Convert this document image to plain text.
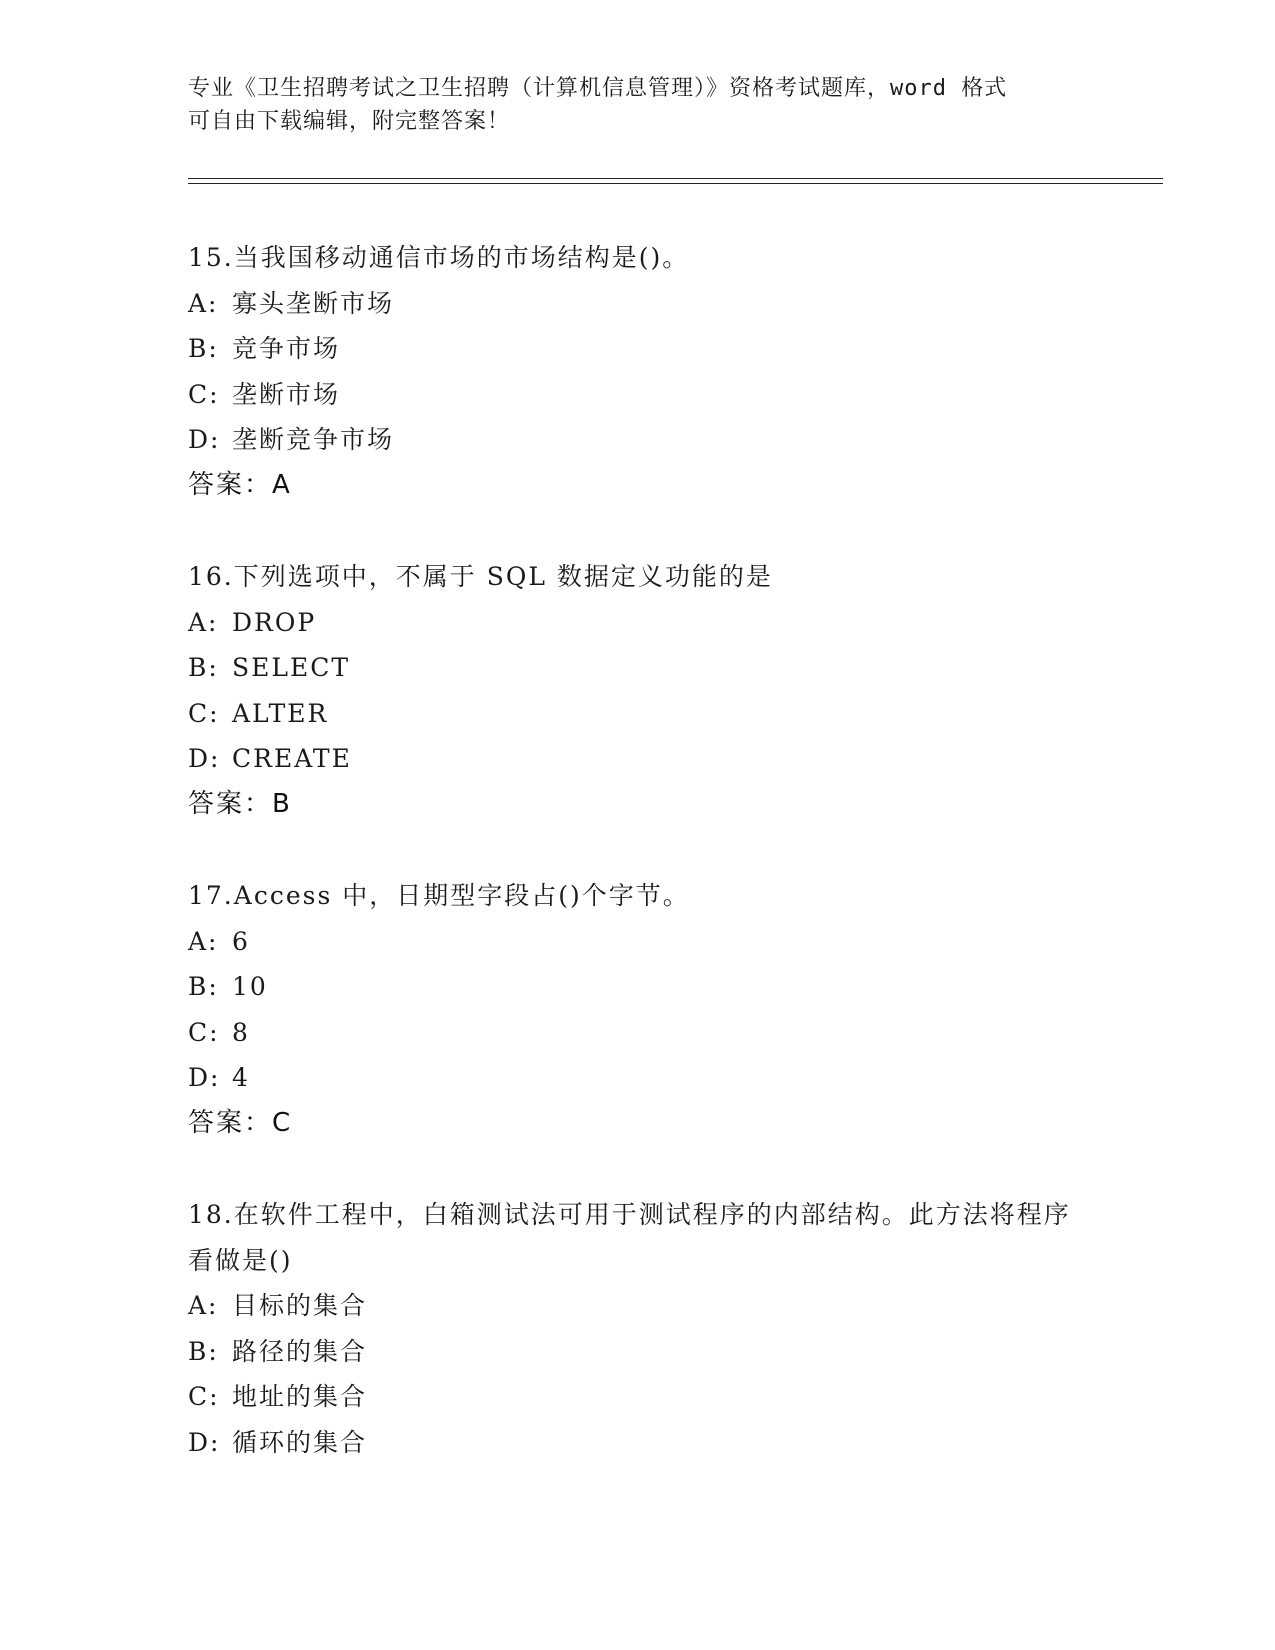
专业《卫生招聘考试之卫生招聘（计算机信息管理）》资格考试题库，word 格式
可自由下载编辑，附完整答案！
15.当我国移动通信市场的市场结构是()。
A: 寡头垄断市场
B: 竞争市场
C: 垄断市场
D: 垄断竞争市场
答案：A
16.下列选项中，不属于 SQL 数据定义功能的是
A: DROP
B: SELECT
C: ALTER
D: CREATE
答案：B
17.Access 中，日期型字段占()个字节。
A: 6
B: 10
C: 8
D: 4
答案：C
18.在软件工程中，白箱测试法可用于测试程序的内部结构。此方法将程序看做是()
A: 目标的集合
B: 路径的集合
C: 地址的集合
D: 循环的集合
